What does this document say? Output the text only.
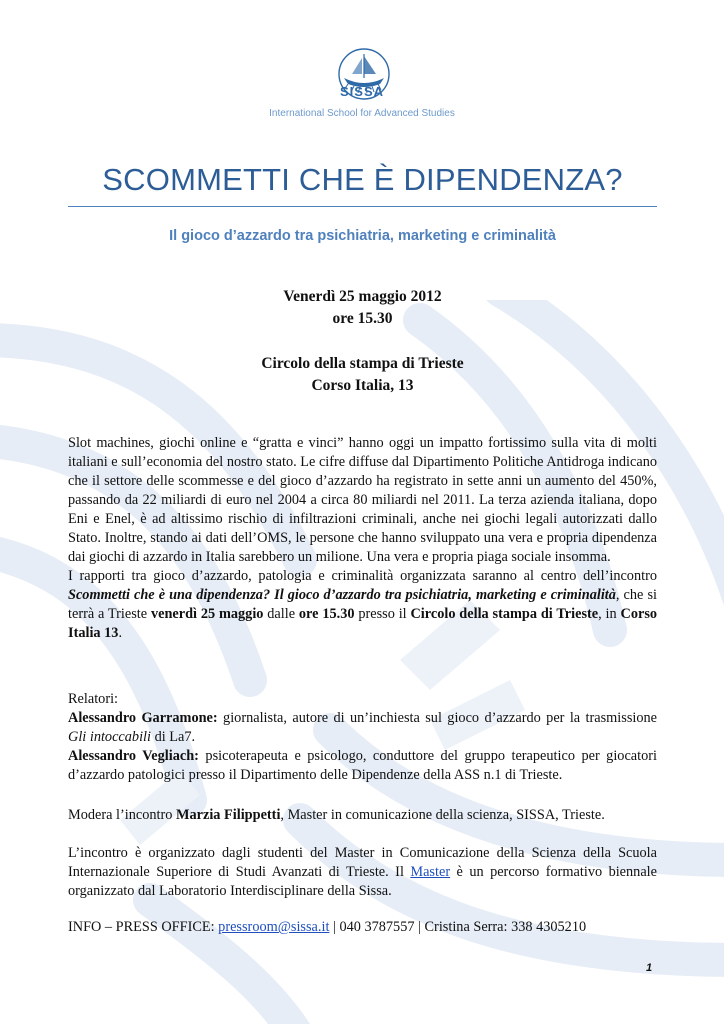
SISSA
International School for Advanced Studies
SCOMMETTI CHE È DIPENDENZA?
Il gioco d’azzardo tra psichiatria, marketing e criminalità
Venerdì 25 maggio 2012
ore 15.30
Circolo della stampa di Trieste
Corso Italia, 13

Slot machines, giochi online e “gratta e vinci” hanno oggi un impatto fortissimo sulla vita di molti italiani e sull’economia del nostro stato. Le cifre diffuse dal Dipartimento Politiche Antidroga indicano che il settore delle scommesse e del gioco d’azzardo ha registrato in sette anni un aumento del 450%, passando da 22 miliardi di euro nel 2004 a circa 80 miliardi nel 2011. La terza azienda italiana, dopo Eni e Enel, è ad altissimo rischio di infiltrazioni criminali, anche nei giochi legali autorizzati dallo Stato. Inoltre, stando ai dati dell’OMS, le persone che hanno sviluppato una vera e propria dipendenza dai giochi di azzardo in Italia sarebbero un milione. Una vera e propria piaga sociale insomma.

I rapporti tra gioco d’azzardo, patologia e criminalità organizzata saranno al centro dell’incontro Scommetti che è una dipendenza? Il gioco d’azzardo tra psichiatria, marketing e criminalità, che si terrà a Trieste venerdì 25 maggio dalle ore 15.30 presso il Circolo della stampa di Trieste, in Corso Italia 13.

Relatori:

Alessandro Garramone: giornalista, autore di un’inchiesta sul gioco d’azzardo per la trasmissione Gli intoccabili di La7.

Alessandro Vegliach: psicoterapeuta e psicologo, conduttore del gruppo terapeutico per giocatori d’azzardo patologici presso il Dipartimento delle Dipendenze della ASS n.1 di Trieste.

Modera l’incontro Marzia Filippetti, Master in comunicazione della scienza, SISSA, Trieste.

L’incontro è organizzato dagli studenti del Master in Comunicazione della Scienza della Scuola Internazionale Superiore di Studi Avanzati di Trieste. Il Master è un percorso formativo biennale organizzato dal Laboratorio Interdisciplinare della Sissa.

INFO – PRESS OFFICE: pressroom@sissa.it | 040 3787557 | Cristina Serra: 338 4305210

1
